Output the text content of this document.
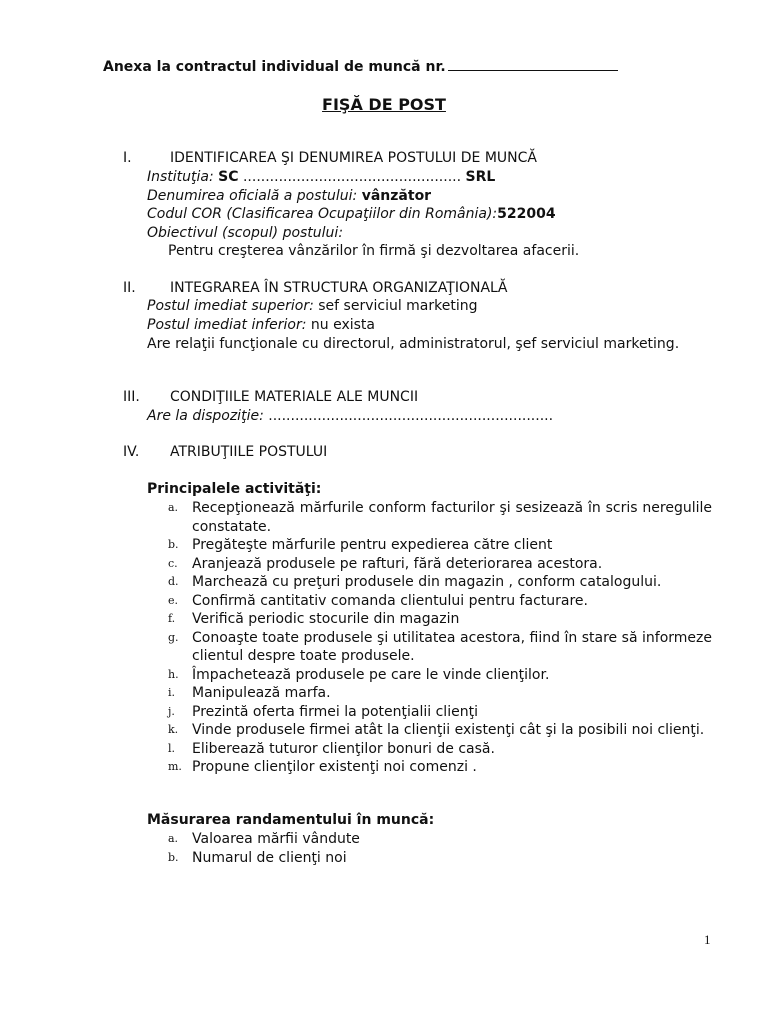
Anexa la contractul individual de muncă nr.
FIŞĂ DE POST
I.	IDENTIFICAREA ŞI DENUMIREA POSTULUI DE MUNCĂ
Instituţia: SC ................................................. SRL
Denumirea oficială a postului: vânzător
Codul COR (Clasificarea Ocupaţiilor din România):522004
Obiectivul (scopul) postului:
Pentru creşterea vânzărilor în firmă şi dezvoltarea afacerii.
II. INTEGRAREA ÎN STRUCTURA ORGANIZAŢIONALĂ
Postul imediat superior: sef serviciul marketing
Postul imediat inferior: nu exista
Are relaţii funcţionale cu directorul, administratorul, şef serviciul marketing.
III. CONDIŢIILE MATERIALE ALE MUNCII
Are la dispoziţie: ................................................................
IV. ATRIBUŢIILE POSTULUI
Principalele activităţi:
a. Recepţionează mărfurile conform facturilor şi sesizează în scris neregulile constatate.
b. Pregăteşte mărfurile pentru expedierea către client
c. Aranjează produsele pe rafturi, fără deteriorarea acestora.
d. Marchează cu preţuri produsele din magazin , conform catalogului.
e. Confirmă cantitativ comanda clientului pentru facturare.
f. Verifică periodic stocurile din magazin
g. Conoaşte toate produsele şi utilitatea acestora, fiind în stare să informeze clientul despre toate produsele.
h. Împachetează produsele pe care le vinde clienţilor.
i. Manipulează marfa.
j. Prezintă oferta firmei la potenţialii clienţi
k. Vinde produsele firmei atât la clienţii existenţi cât şi la posibili noi clienţi.
l. Eliberează tuturor clienţilor bonuri de casă.
m. Propune clienţilor existenţi noi comenzi .
Măsurarea randamentului în muncă:
a. Valoarea mărfii vândute
b. Numarul de clienţi noi
1
